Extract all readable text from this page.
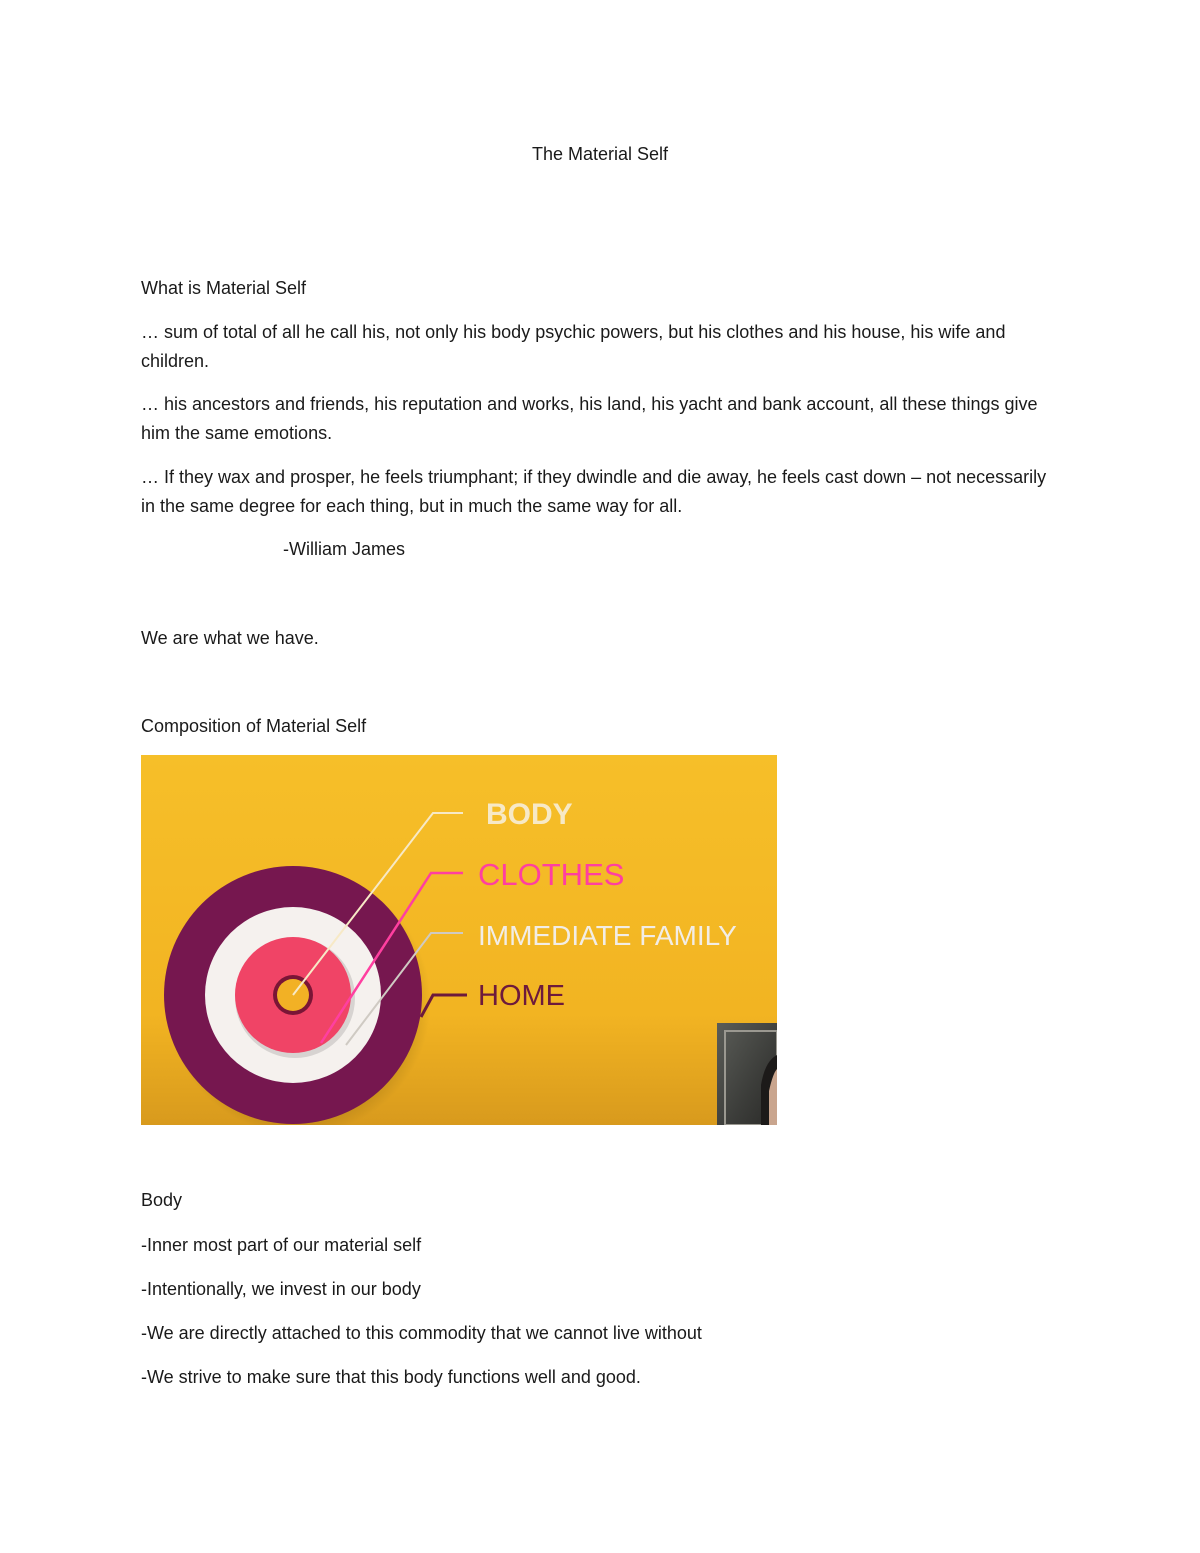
The Material Self
What is Material Self
… sum of total of all he call his, not only his body psychic powers, but his clothes and his house, his wife and children.
… his ancestors and friends, his reputation and works, his land, his yacht and bank account, all these things give him the same emotions.
… If they wax and prosper, he feels triumphant; if they dwindle and die away, he feels cast down – not necessarily in the same degree for each thing, but in much the same way for all.
-William James
We are what we have.
Composition of Material Self
BODY
CLOTHES
IMMEDIATE FAMILY
HOME
Body
-Inner most part of our material self
-Intentionally, we invest in our body
-We are directly attached to this commodity that we cannot live without
-We strive to make sure that this body functions well and good.
